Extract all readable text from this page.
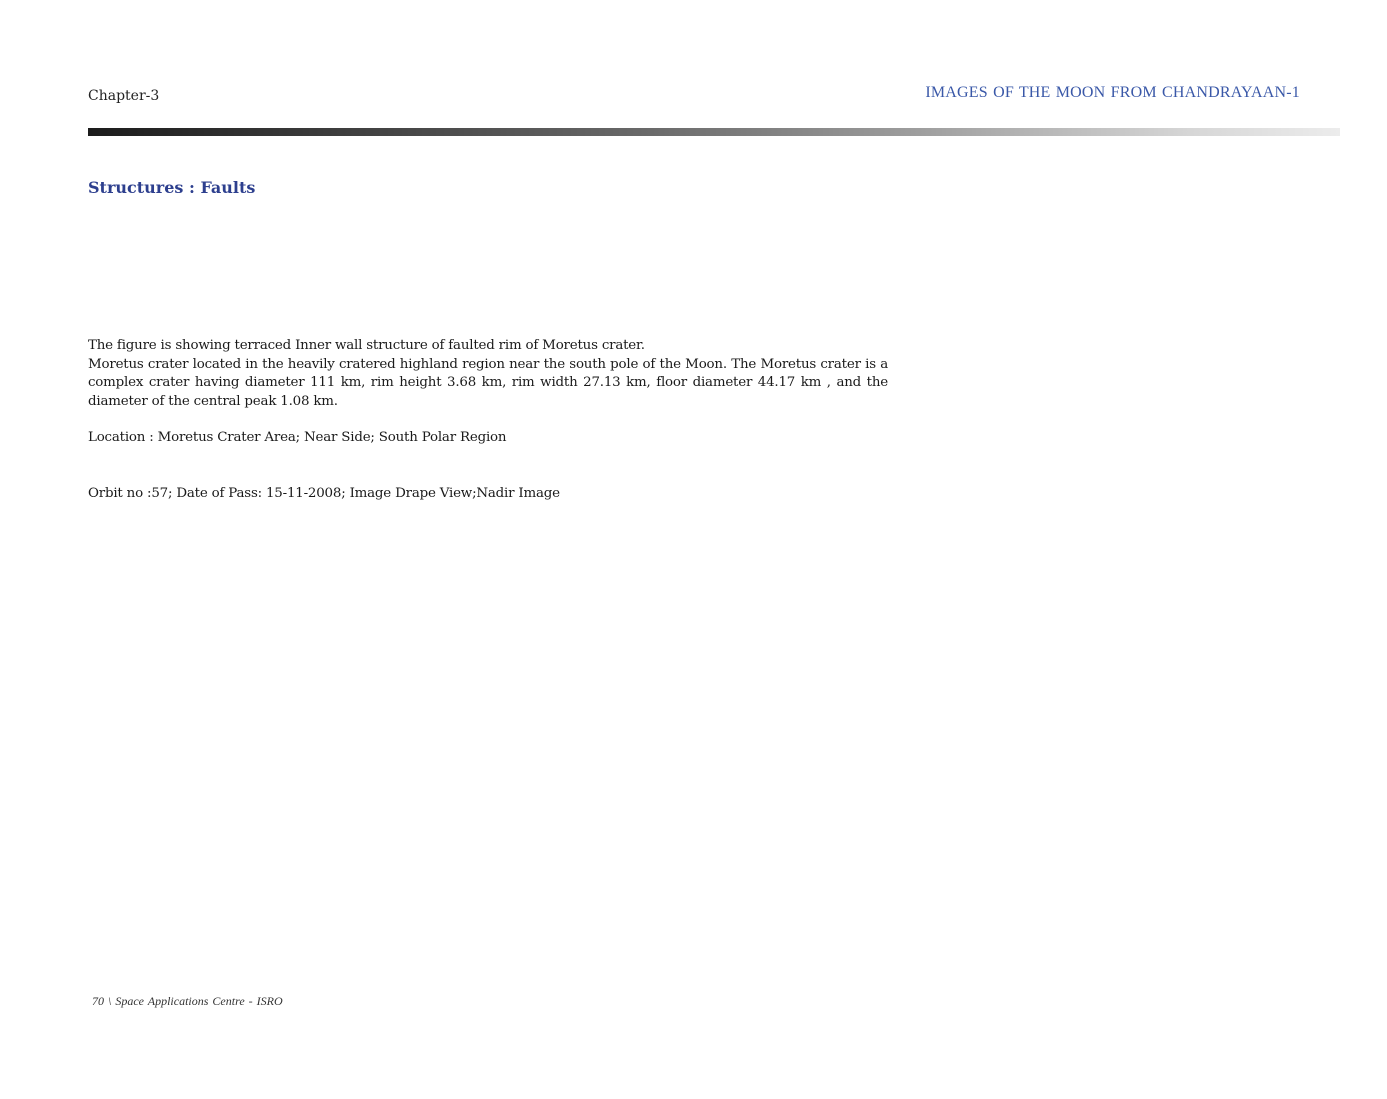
Chapter-3	IMAGES OF THE MOON FROM CHANDRAYAAN-1
Structures : Faults

The figure is showing terraced Inner wall structure of faulted rim of Moretus crater.

Moretus crater located in the heavily cratered highland region near the south pole of the Moon. The Moretus crater is a complex crater having diameter 111 km, rim height 3.68 km, rim width 27.13 km, floor diameter 44.17 km , and the diameter of the central peak 1.08 km.

Location : Moretus Crater Area; Near Side; South Polar Region
Orbit no :57; Date of Pass: 15-11-2008; Image Drape View;Nadir Image
70 \ Space Applications Centre - ISRO
